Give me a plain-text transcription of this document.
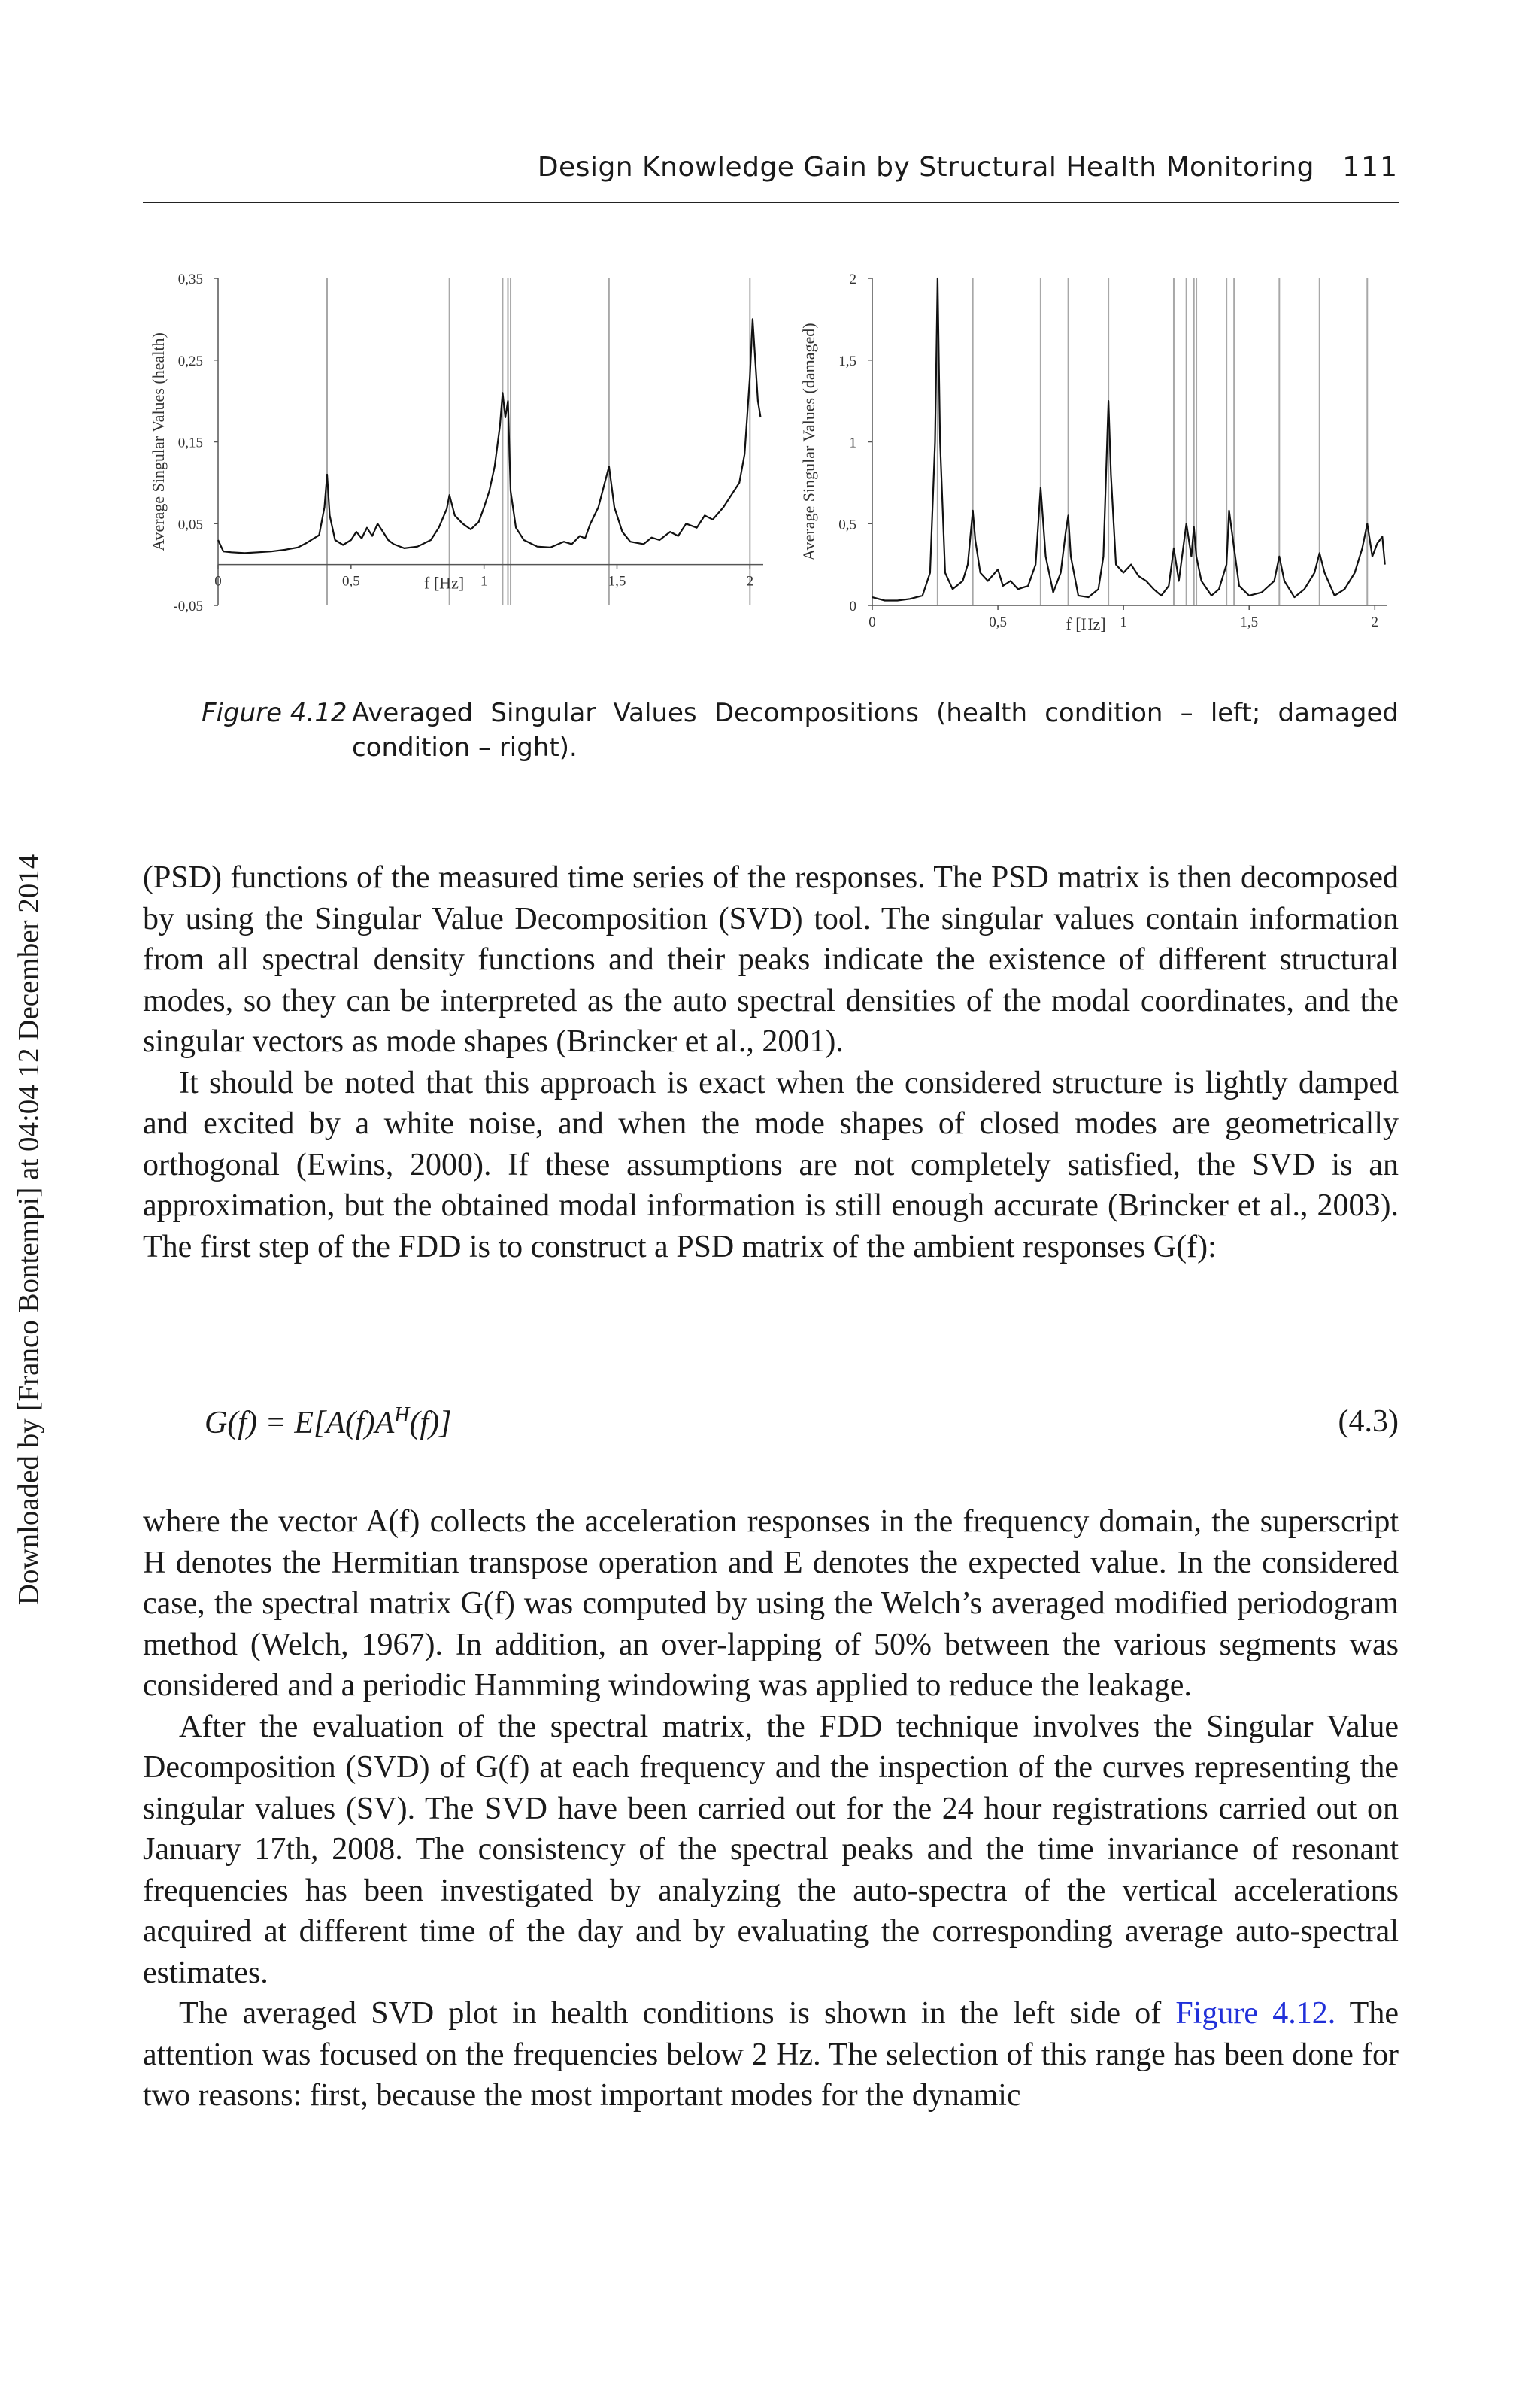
Design Knowledge Gain by Structural Health Monitoring 111
Downloaded by [Franco Bontempi] at 04:04 12 December 2014
-0,05
0,05
0,15
0,25
0,35
0	0,5	1	1,5	2
f [Hz]
Average Singular Values (health)
0
0,5
1
1,5
2
0	0,5	1	1,5	2
f [Hz]
Average Singular Values (damaged)
Figure 4.12 Averaged Singular Values Decompositions (health condition – left; damaged
condition – right).

(PSD) functions of the measured time series of the responses. The PSD matrix is then decomposed by using the Singular Value Decomposition (SVD) tool. The singular values contain information from all spectral density functions and their peaks indicate the existence of different structural modes, so they can be interpreted as the auto spectral densities of the modal coordinates, and the singular vectors as mode shapes (Brincker et al., 2001).

It should be noted that this approach is exact when the considered structure is lightly damped and excited by a white noise, and when the mode shapes of closed modes are geometrically orthogonal (Ewins, 2000). If these assumptions are not completely satisfied, the SVD is an approximation, but the obtained modal information is still enough accurate (Brincker et al., 2003). The first step of the FDD is to construct a PSD matrix of the ambient responses G(f):

$G(f) = E[A(f)A^H(f)]$	(4.3)

where the vector A(f) collects the acceleration responses in the frequency domain, the superscript H denotes the Hermitian transpose operation and E denotes the expected value. In the considered case, the spectral matrix G(f) was computed by using the Welch’s averaged modified periodogram method (Welch, 1967). In addition, an over-lapping of 50% between the various segments was considered and a periodic Hamming windowing was applied to reduce the leakage.

After the evaluation of the spectral matrix, the FDD technique involves the Singular Value Decomposition (SVD) of G(f) at each frequency and the inspection of the curves representing the singular values (SV). The SVD have been carried out for the 24 hour registrations carried out on January 17th, 2008. The consistency of the spectral peaks and the time invariance of resonant frequencies has been investigated by analyzing the auto-spectra of the vertical accelerations acquired at different time of the day and by evaluating the corresponding average auto-spectral estimates.

The averaged SVD plot in health conditions is shown in the left side of Figure 4.12. The attention was focused on the frequencies below 2 Hz. The selection of this range has been done for two reasons: first, because the most important modes for the dynamic
